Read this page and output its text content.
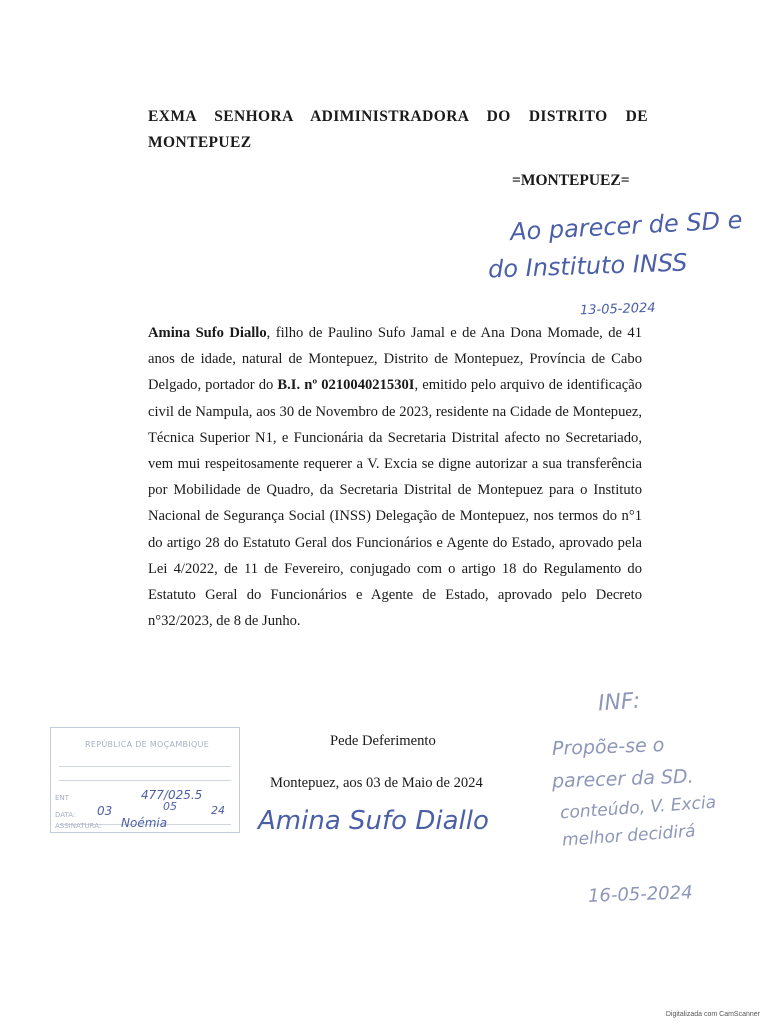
EXMA SENHORA ADIMINISTRADORA DO DISTRITO DE MONTEPUEZ
=MONTEPUEZ=
Ao parecer de SD e
do Instituto INSS
13-05-2024
Amina Sufo Diallo, filho de Paulino Sufo Jamal e de Ana Dona Momade, de 41 anos de idade, natural de Montepuez, Distrito de Montepuez, Província de Cabo Delgado, portador do B.I. nº 021004021530I, emitido pelo arquivo de identificação civil de Nampula, aos 30 de Novembro de 2023, residente na Cidade de Montepuez, Técnica Superior N1, e Funcionária da Secretaria Distrital afecto no Secretariado, vem mui respeitosamente requerer a V. Excia se digne autorizar a sua transferência por Mobilidade de Quadro, da Secretaria Distrital de Montepuez para o Instituto Nacional de Segurança Social (INSS) Delegação de Montepuez, nos termos do n°1 do artigo 28 do Estatuto Geral dos Funcionários e Agente do Estado, aprovado pela Lei 4/2022, de 11 de Fevereiro, conjugado com o artigo 18 do Regulamento do Estatuto Geral do Funcionários e Agente de Estado, aprovado pelo Decreto n°32/2023, de 8 de Junho.
Pede Deferimento
Montepuez, aos 03 de Maio de 2024
Amina Sufo Diallo
INF:
Propõe-se o
parecer da SD.
conteúdo, V. Excia
melhor decidirá
16-05-2024
REPÚBLICA DE MOÇAMBIQUE
ENT	477/025.5
DATA: 03	05	24
ASSINATURA: Noémia
Digitalizada com CamScanner
